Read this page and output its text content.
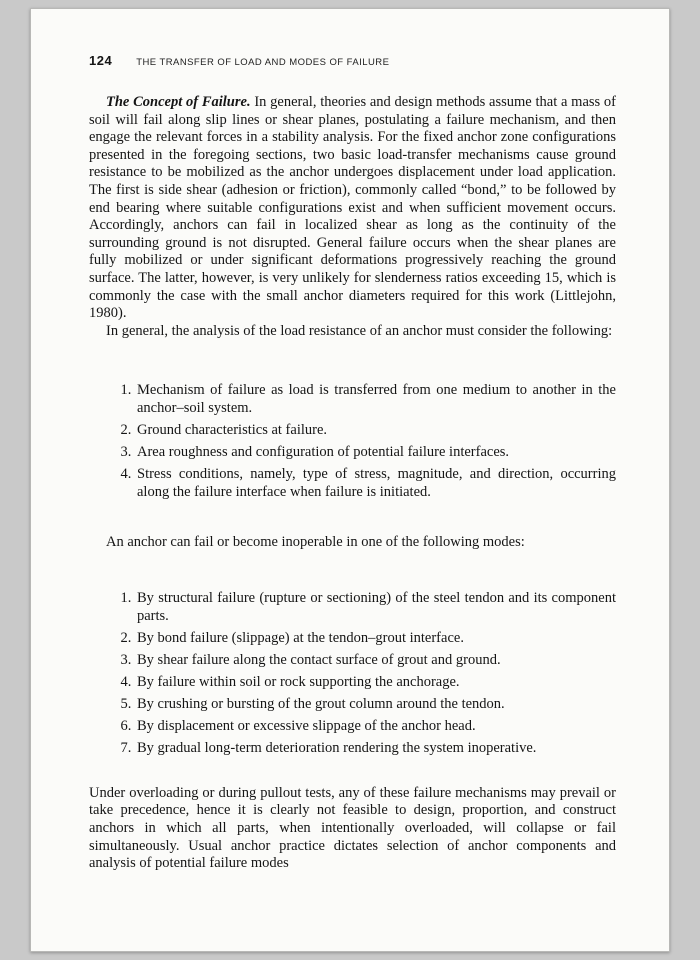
124	THE TRANSFER OF LOAD AND MODES OF FAILURE

The Concept of Failure. In general, theories and design methods assume that a mass of soil will fail along slip lines or shear planes, postulating a failure mechanism, and then engage the relevant forces in a stability analysis. For the fixed anchor zone configurations presented in the foregoing sections, two basic load-transfer mechanisms cause ground resistance to be mobilized as the anchor undergoes displacement under load application. The first is side shear (adhesion or friction), commonly called “bond,” to be followed by end bearing where suitable configurations exist and when sufficient movement occurs. Accordingly, anchors can fail in localized shear as long as the continuity of the surrounding ground is not disrupted. General failure occurs when the shear planes are fully mobilized or under significant deformations progressively reaching the ground surface. The latter, however, is very unlikely for slenderness ratios exceeding 15, which is commonly the case with the small anchor diameters required for this work (Littlejohn, 1980).

In general, the analysis of the load resistance of an anchor must consider the following:

1. Mechanism of failure as load is transferred from one medium to another in the anchor–soil system.
2. Ground characteristics at failure.
3. Area roughness and configuration of potential failure interfaces.
4. Stress conditions, namely, type of stress, magnitude, and direction, occurring along the failure interface when failure is initiated.

An anchor can fail or become inoperable in one of the following modes:

1. By structural failure (rupture or sectioning) of the steel tendon and its component parts.
2. By bond failure (slippage) at the tendon–grout interface.
3. By shear failure along the contact surface of grout and ground.
4. By failure within soil or rock supporting the anchorage.
5. By crushing or bursting of the grout column around the tendon.
6. By displacement or excessive slippage of the anchor head.
7. By gradual long-term deterioration rendering the system inoperative.

Under overloading or during pullout tests, any of these failure mechanisms may prevail or take precedence, hence it is clearly not feasible to design, proportion, and construct anchors in which all parts, when intentionally overloaded, will collapse or fail simultaneously. Usual anchor practice dictates selection of anchor components and analysis of potential failure modes
